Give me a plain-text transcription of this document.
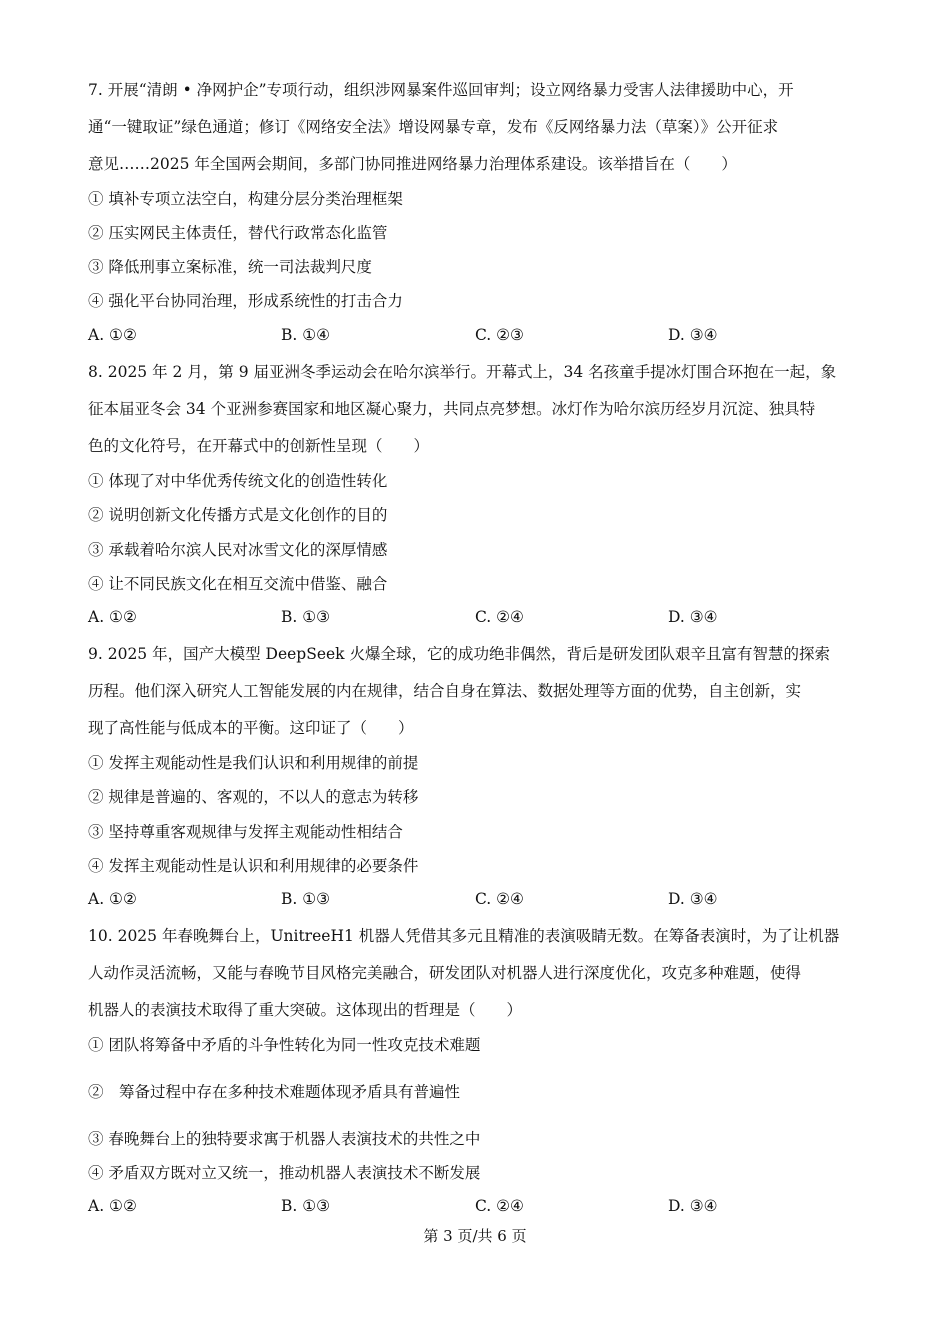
7. 开展“清朗 • 净网护企”专项行动，组织涉网暴案件巡回审判；设立网络暴力受害人法律援助中心，开
通“一键取证”绿色通道；修订《网络安全法》增设网暴专章，发布《反网络暴力法（草案）》公开征求
意见……2025 年全国两会期间，多部门协同推进网络暴力治理体系建设。该举措旨在（　　）
① 填补专项立法空白，构建分层分类治理框架
② 压实网民主体责任，替代行政常态化监管
③ 降低刑事立案标准，统一司法裁判尺度
④ 强化平台协同治理，形成系统性的打击合力
A. ①②	B. ①④	C. ②③	D. ③④
8. 2025 年 2 月，第 9 届亚洲冬季运动会在哈尔滨举行。开幕式上，34 名孩童手提冰灯围合环抱在一起，象
征本届亚冬会 34 个亚洲参赛国家和地区凝心聚力，共同点亮梦想。冰灯作为哈尔滨历经岁月沉淀、独具特
色的文化符号，在开幕式中的创新性呈现（　　）
① 体现了对中华优秀传统文化的创造性转化
② 说明创新文化传播方式是文化创作的目的
③ 承载着哈尔滨人民对冰雪文化的深厚情感
④ 让不同民族文化在相互交流中借鉴、融合
A. ①②	B. ①③	C. ②④	D. ③④
9. 2025 年，国产大模型 DeepSeek 火爆全球，它的成功绝非偶然，背后是研发团队艰辛且富有智慧的探索
历程。他们深入研究人工智能发展的内在规律，结合自身在算法、数据处理等方面的优势，自主创新，实
现了高性能与低成本的平衡。这印证了（　　）
① 发挥主观能动性是我们认识和利用规律的前提
② 规律是普遍的、客观的，不以人的意志为转移
③ 坚持尊重客观规律与发挥主观能动性相结合
④ 发挥主观能动性是认识和利用规律的必要条件
A. ①②	B. ①③	C. ②④	D. ③④
10. 2025 年春晚舞台上，UnitreeH1 机器人凭借其多元且精准的表演吸睛无数。在筹备表演时，为了让机器
人动作灵活流畅，又能与春晚节目风格完美融合，研发团队对机器人进行深度优化，攻克多种难题，使得
机器人的表演技术取得了重大突破。这体现出的哲理是（　　）
① 团队将筹备中矛盾的斗争性转化为同一性攻克技术难题
②　筹备过程中存在多种技术难题体现矛盾具有普遍性
③ 春晚舞台上的独特要求寓于机器人表演技术的共性之中
④ 矛盾双方既对立又统一，推动机器人表演技术不断发展
A. ①②	B. ①③	C. ②④	D. ③④
第 3 页/共 6 页
